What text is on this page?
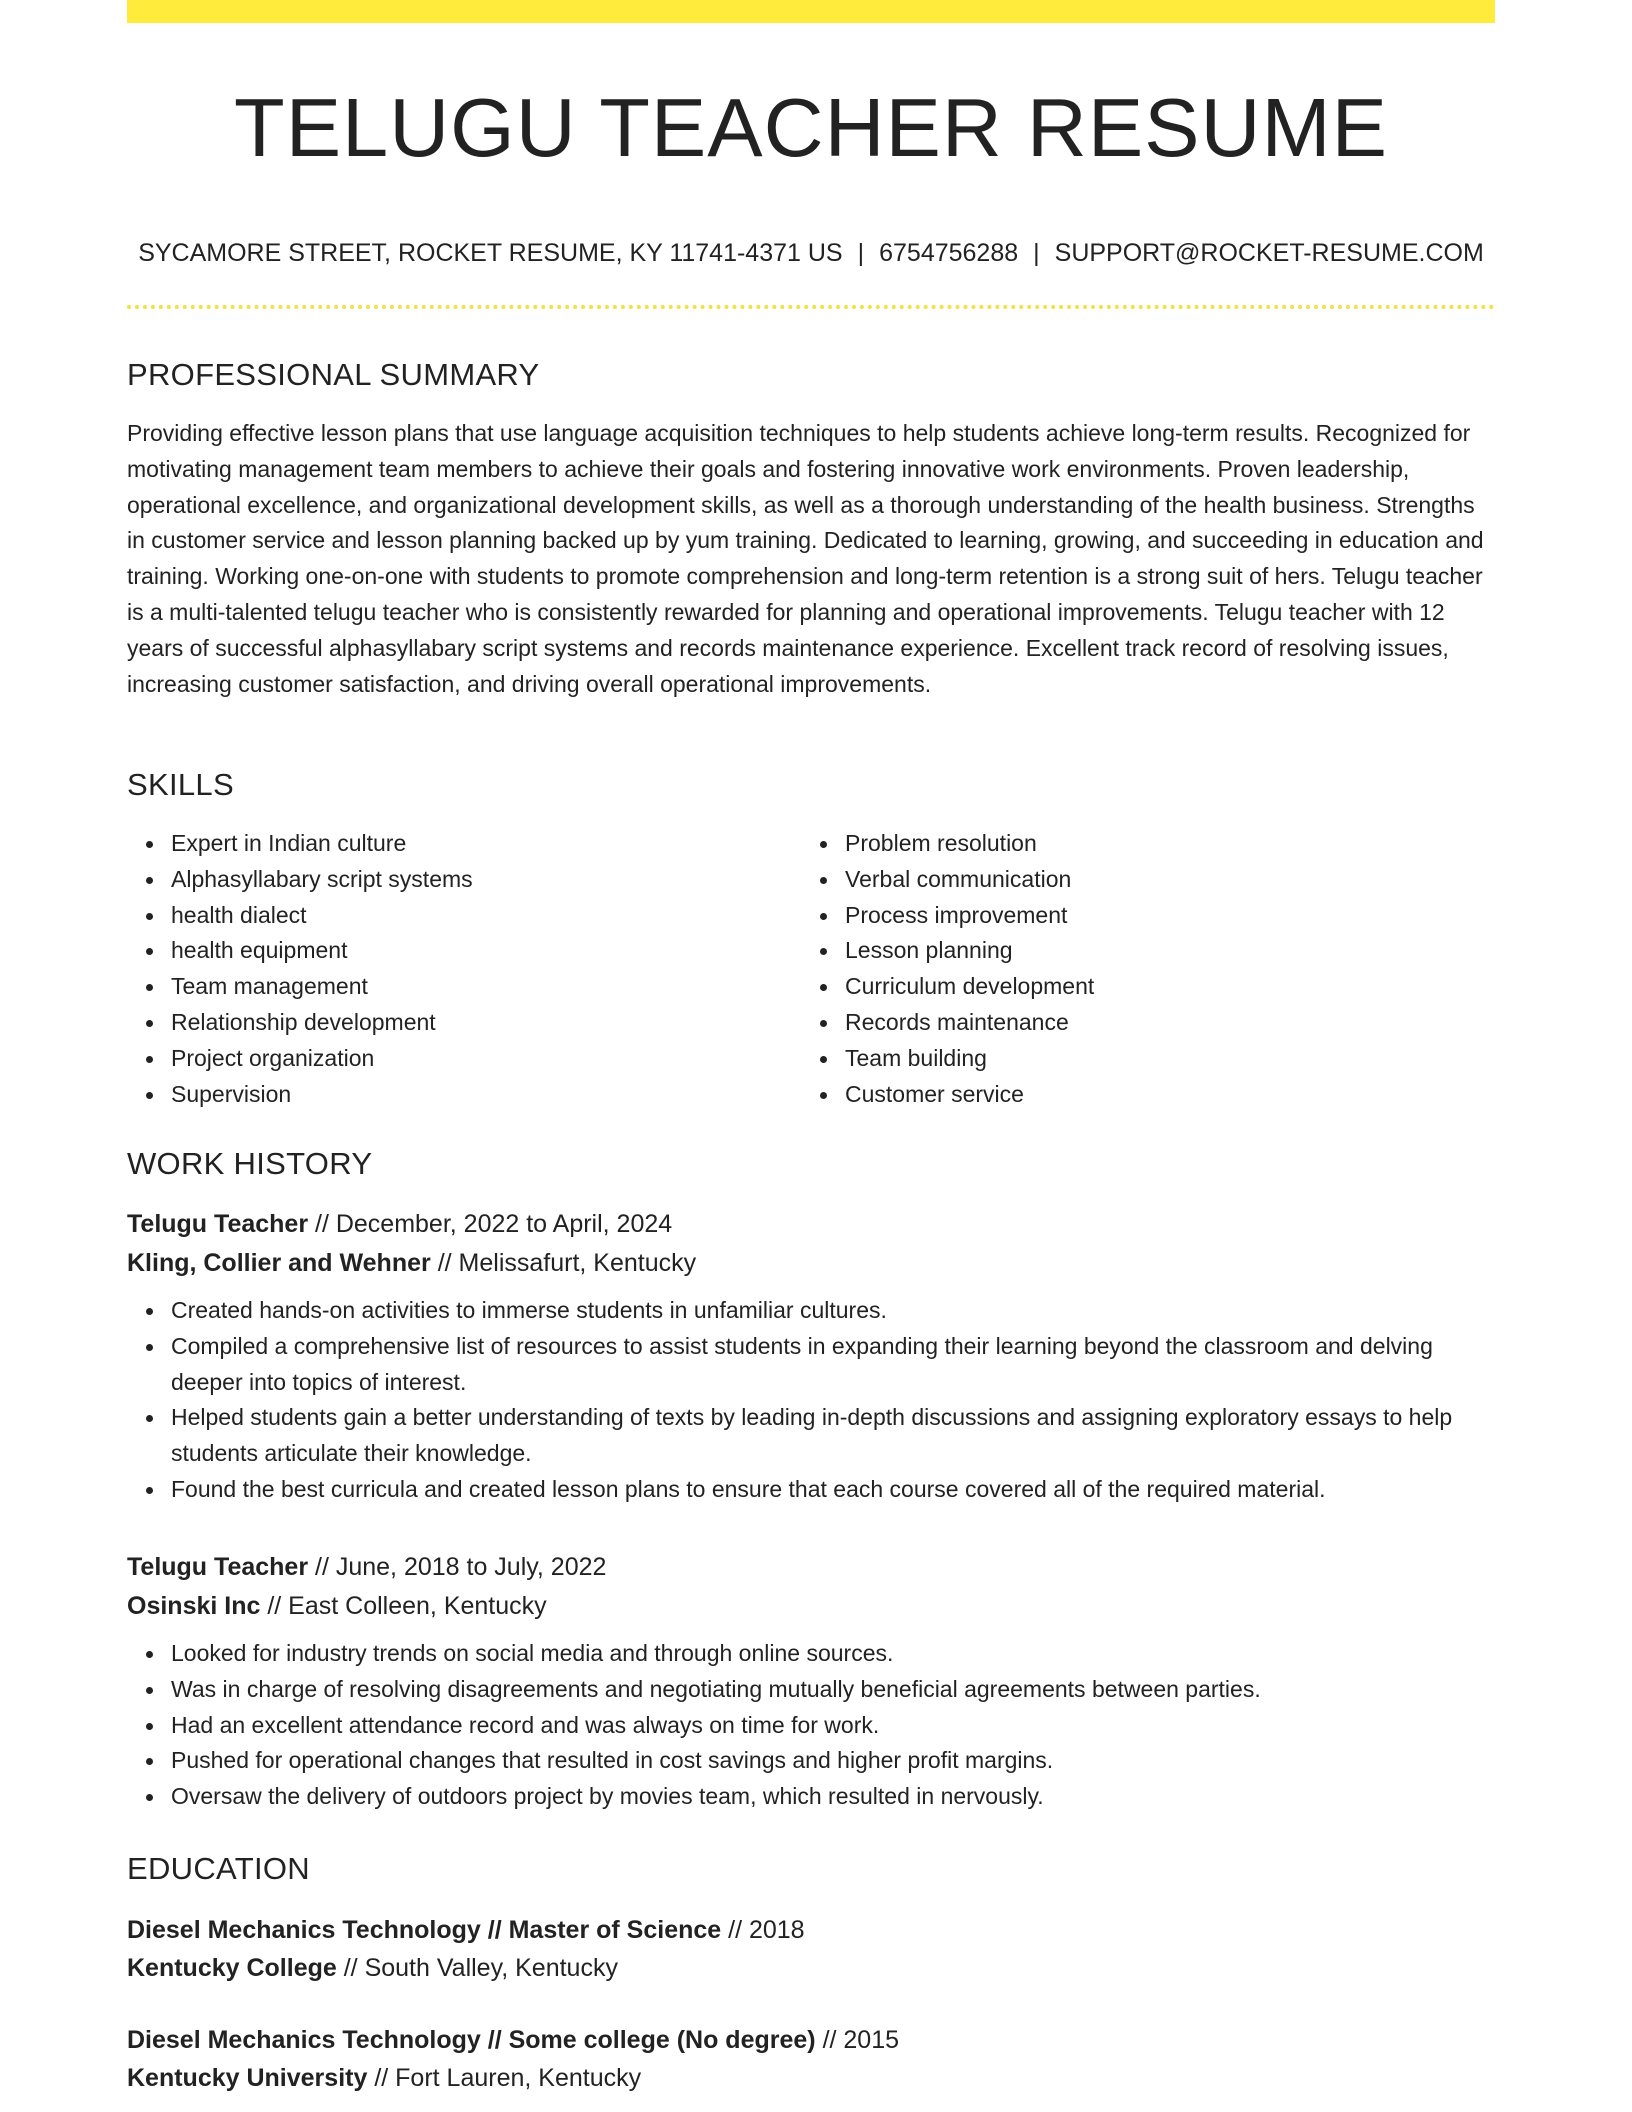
TELUGU TEACHER RESUME
SYCAMORE STREET, ROCKET RESUME, KY 11741-4371 US | 6754756288 | SUPPORT@ROCKET-RESUME.COM
PROFESSIONAL SUMMARY

Providing effective lesson plans that use language acquisition techniques to help students achieve long-term results. Recognized for motivating management team members to achieve their goals and fostering innovative work environments. Proven leadership, operational excellence, and organizational development skills, as well as a thorough understanding of the health business. Strengths in customer service and lesson planning backed up by yum training. Dedicated to learning, growing, and succeeding in education and training. Working one-on-one with students to promote comprehension and long-term retention is a strong suit of hers. Telugu teacher is a multi-talented telugu teacher who is consistently rewarded for planning and operational improvements. Telugu teacher with 12 years of successful alphasyllabary script systems and records maintenance experience. Excellent track record of resolving issues, increasing customer satisfaction, and driving overall operational improvements.

SKILLS
Expert in Indian culture
Alphasyllabary script systems
health dialect
health equipment
Team management
Relationship development
Project organization
Supervision
Problem resolution
Verbal communication
Process improvement
Lesson planning
Curriculum development
Records maintenance
Team building
Customer service
WORK HISTORY
Telugu Teacher // December, 2022 to April, 2024
Kling, Collier and Wehner // Melissafurt, Kentucky
Created hands-on activities to immerse students in unfamiliar cultures.
Compiled a comprehensive list of resources to assist students in expanding their learning beyond the classroom and delving deeper into topics of interest.
Helped students gain a better understanding of texts by leading in-depth discussions and assigning exploratory essays to help students articulate their knowledge.
Found the best curricula and created lesson plans to ensure that each course covered all of the required material.
Telugu Teacher // June, 2018 to July, 2022
Osinski Inc // East Colleen, Kentucky
Looked for industry trends on social media and through online sources.
Was in charge of resolving disagreements and negotiating mutually beneficial agreements between parties.
Had an excellent attendance record and was always on time for work.
Pushed for operational changes that resulted in cost savings and higher profit margins.
Oversaw the delivery of outdoors project by movies team, which resulted in nervously.
EDUCATION
Diesel Mechanics Technology // Master of Science // 2018
Kentucky College // South Valley, Kentucky
Diesel Mechanics Technology // Some college (No degree) // 2015
Kentucky University // Fort Lauren, Kentucky
